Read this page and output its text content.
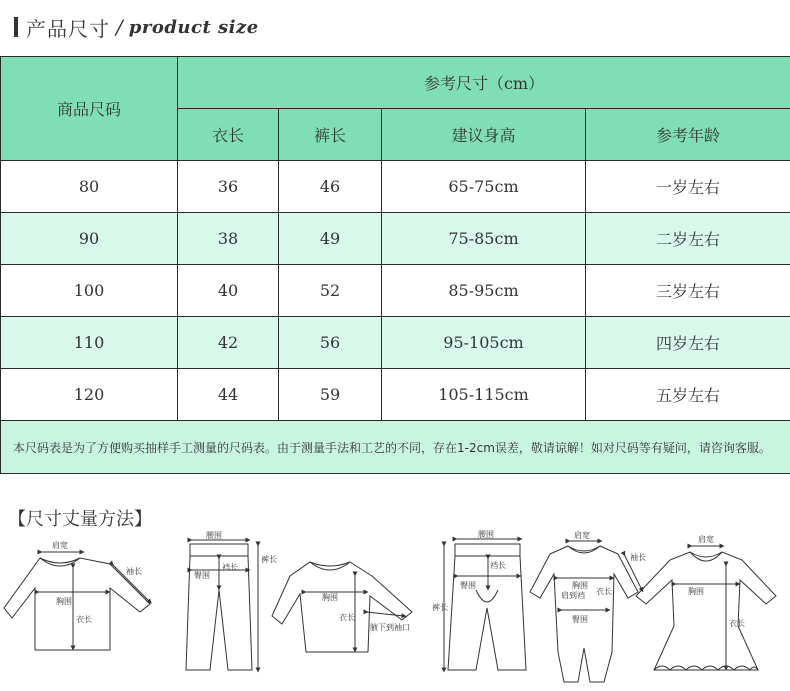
产品尺寸 / product size
商品尺码	参考尺寸（cm）			
	衣长	裤长	建议身高	参考年龄
80	36	46	65-75cm	一岁左右
90	38	49	75-85cm	二岁左右
100	40	52	85-95cm	三岁左右
110	42	56	95-105cm	四岁左右
120	44	59	105-115cm	五岁左右
本尺码表是为了方便购买抽样手工测量的尺码表。由于测量手法和工艺的不同，存在1-2cm误差，敬请谅解！如对尺码等有疑问，请咨询客服。				
【尺寸丈量方法】
肩宽
袖长
胸围
衣长
腰围
臀围
裆长
裤长
胸围
衣长
腋下到袖口
腰围
臀围
裆长
裤长
肩宽
袖长
胸围
衣长
肩到裆
臀围
肩宽
胸围
衣长
